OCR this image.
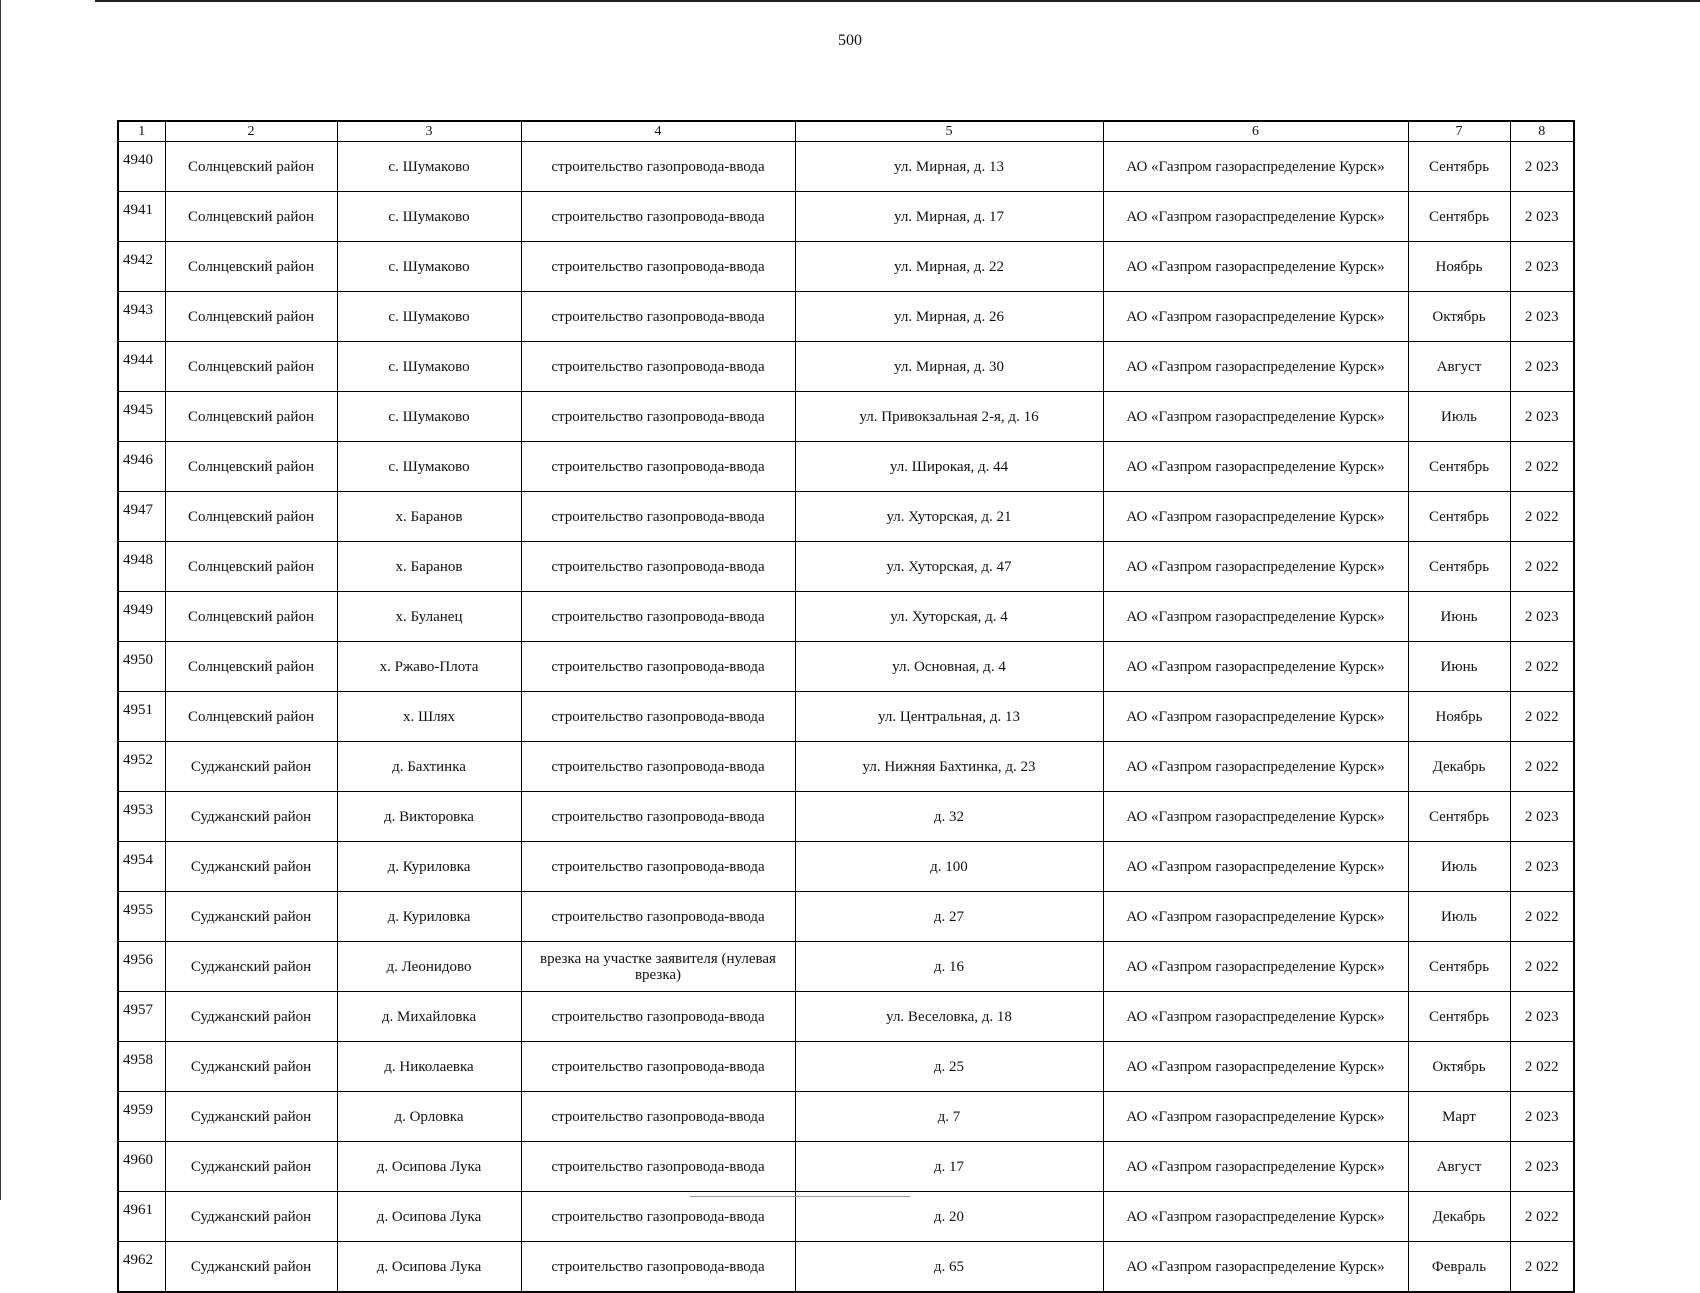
500
1	2	3	4	5	6	7	8
4940	Солнцевский район	с. Шумаково	строительство газопровода-ввода	ул. Мирная, д. 13	АО «Газпром газораспределение Курск»	Сентябрь	2 023
4941	Солнцевский район	с. Шумаково	строительство газопровода-ввода	ул. Мирная, д. 17	АО «Газпром газораспределение Курск»	Сентябрь	2 023
4942	Солнцевский район	с. Шумаково	строительство газопровода-ввода	ул. Мирная, д. 22	АО «Газпром газораспределение Курск»	Ноябрь	2 023
4943	Солнцевский район	с. Шумаково	строительство газопровода-ввода	ул. Мирная, д. 26	АО «Газпром газораспределение Курск»	Октябрь	2 023
4944	Солнцевский район	с. Шумаково	строительство газопровода-ввода	ул. Мирная, д. 30	АО «Газпром газораспределение Курск»	Август	2 023
4945	Солнцевский район	с. Шумаково	строительство газопровода-ввода	ул. Привокзальная 2-я, д. 16	АО «Газпром газораспределение Курск»	Июль	2 023
4946	Солнцевский район	с. Шумаково	строительство газопровода-ввода	ул. Широкая, д. 44	АО «Газпром газораспределение Курск»	Сентябрь	2 022
4947	Солнцевский район	х. Баранов	строительство газопровода-ввода	ул. Хуторская, д. 21	АО «Газпром газораспределение Курск»	Сентябрь	2 022
4948	Солнцевский район	х. Баранов	строительство газопровода-ввода	ул. Хуторская, д. 47	АО «Газпром газораспределение Курск»	Сентябрь	2 022
4949	Солнцевский район	х. Буланец	строительство газопровода-ввода	ул. Хуторская, д. 4	АО «Газпром газораспределение Курск»	Июнь	2 023
4950	Солнцевский район	х. Ржаво-Плота	строительство газопровода-ввода	ул. Основная, д. 4	АО «Газпром газораспределение Курск»	Июнь	2 022
4951	Солнцевский район	х. Шлях	строительство газопровода-ввода	ул. Центральная, д. 13	АО «Газпром газораспределение Курск»	Ноябрь	2 022
4952	Суджанский район	д. Бахтинка	строительство газопровода-ввода	ул. Нижняя Бахтинка, д. 23	АО «Газпром газораспределение Курск»	Декабрь	2 022
4953	Суджанский район	д. Викторовка	строительство газопровода-ввода	д. 32	АО «Газпром газораспределение Курск»	Сентябрь	2 023
4954	Суджанский район	д. Куриловка	строительство газопровода-ввода	д. 100	АО «Газпром газораспределение Курск»	Июль	2 023
4955	Суджанский район	д. Куриловка	строительство газопровода-ввода	д. 27	АО «Газпром газораспределение Курск»	Июль	2 022
4956	Суджанский район	д. Леонидово	врезка на участке заявителя (нулевая врезка)	д. 16	АО «Газпром газораспределение Курск»	Сентябрь	2 022
4957	Суджанский район	д. Михайловка	строительство газопровода-ввода	ул. Веселовка, д. 18	АО «Газпром газораспределение Курск»	Сентябрь	2 023
4958	Суджанский район	д. Николаевка	строительство газопровода-ввода	д. 25	АО «Газпром газораспределение Курск»	Октябрь	2 022
4959	Суджанский район	д. Орловка	строительство газопровода-ввода	д. 7	АО «Газпром газораспределение Курск»	Март	2 023
4960	Суджанский район	д. Осипова Лука	строительство газопровода-ввода	д. 17	АО «Газпром газораспределение Курск»	Август	2 023
4961	Суджанский район	д. Осипова Лука	строительство газопровода-ввода	д. 20	АО «Газпром газораспределение Курск»	Декабрь	2 022
4962	Суджанский район	д. Осипова Лука	строительство газопровода-ввода	д. 65	АО «Газпром газораспределение Курск»	Февраль	2 022
